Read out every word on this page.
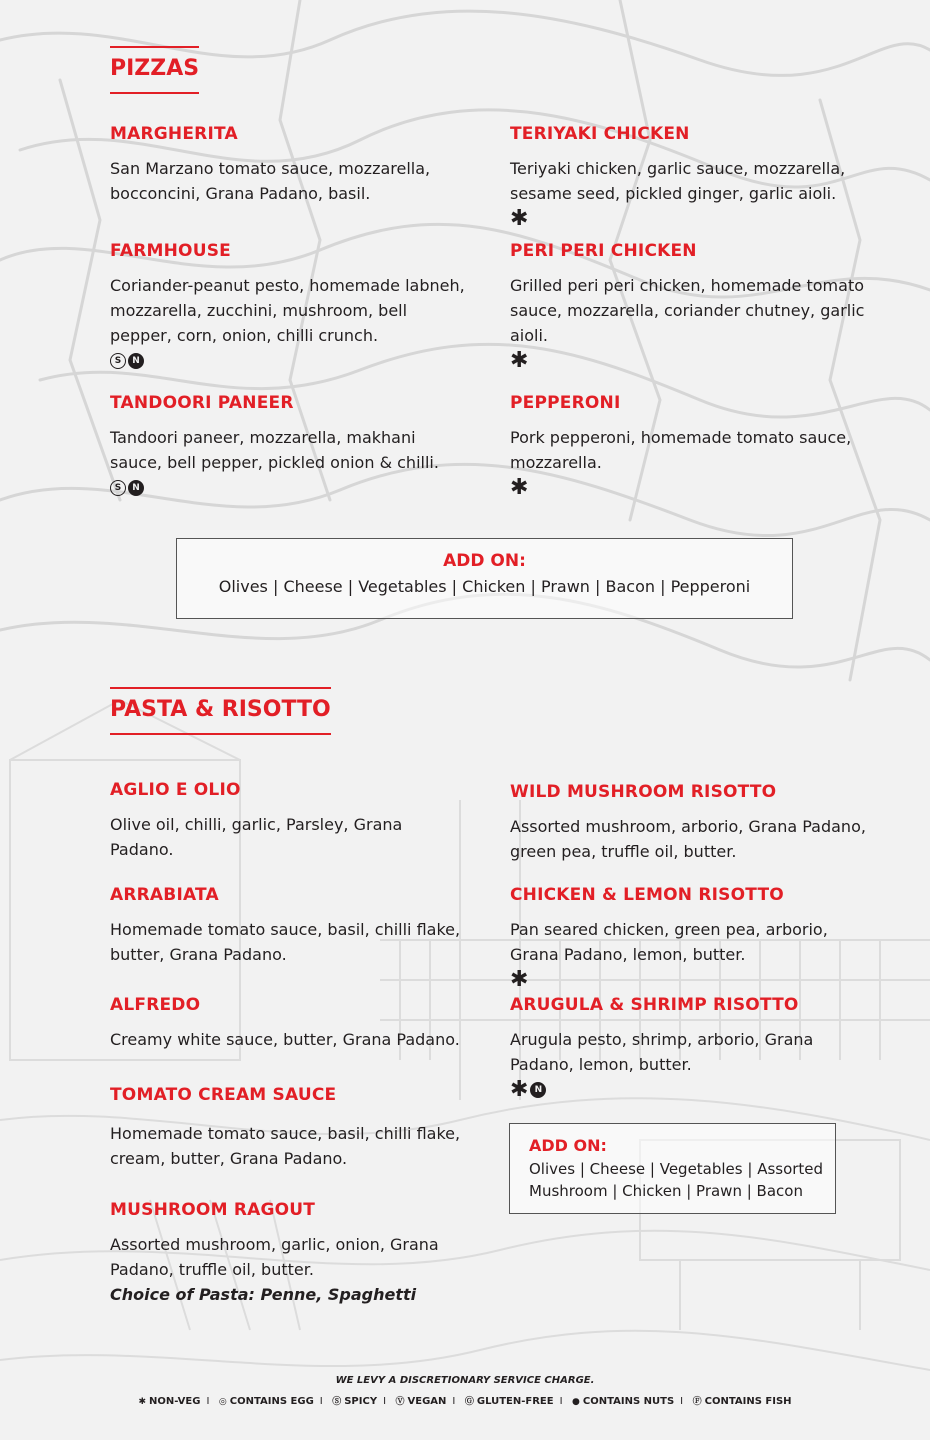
PIZZAS
MARGHERITA

San Marzano tomato sauce, mozzarella, bocconcini, Grana Padano, basil.

TERIYAKI CHICKEN

Teriyaki chicken, garlic sauce, mozzarella, sesame seed, pickled ginger, garlic aioli.

✱
FARMHOUSE

Coriander-peanut pesto, homemade labneh, mozzarella, zucchini, mushroom, bell pepper, corn, onion, chilli crunch.

S	N
PERI PERI CHICKEN

Grilled peri peri chicken, homemade tomato sauce, mozzarella, coriander chutney, garlic aioli.

✱
TANDOORI PANEER

Tandoori paneer, mozzarella, makhani sauce, bell pepper, pickled onion & chilli.

S	N
PEPPERONI

Pork pepperoni, homemade tomato sauce, mozzarella.

✱
ADD ON:
Olives | Cheese | Vegetables | Chicken | Prawn | Bacon | Pepperoni
PASTA & RISOTTO
AGLIO E OLIO

Olive oil, chilli, garlic, Parsley, Grana Padano.

WILD MUSHROOM RISOTTO

Assorted mushroom, arborio, Grana Padano, green pea, truffle oil, butter.

ARRABIATA

Homemade tomato sauce, basil, chilli flake, butter, Grana Padano.

CHICKEN & LEMON RISOTTO

Pan seared chicken, green pea, arborio, Grana Padano, lemon, butter.

✱
ALFREDO

Creamy white sauce, butter, Grana Padano.

ARUGULA & SHRIMP RISOTTO

Arugula pesto, shrimp, arborio, Grana Padano, lemon, butter.

✱ N
TOMATO CREAM SAUCE

Homemade tomato sauce, basil, chilli flake, cream, butter, Grana Padano.

MUSHROOM RAGOUT

Assorted mushroom, garlic, onion, Grana Padano, truffle oil, butter.

Choice of Pasta: Penne, Spaghetti
ADD ON:
Olives | Cheese | Vegetables | Assorted Mushroom | Chicken | Prawn | Bacon
WE LEVY A DISCRETIONARY SERVICE CHARGE.
✱ NON-VEG I ◎ CONTAINS EGG I Ⓢ SPICY I Ⓥ VEGAN I Ⓖ GLUTEN-FREE I ● CONTAINS NUTS I Ⓕ CONTAINS FISH
